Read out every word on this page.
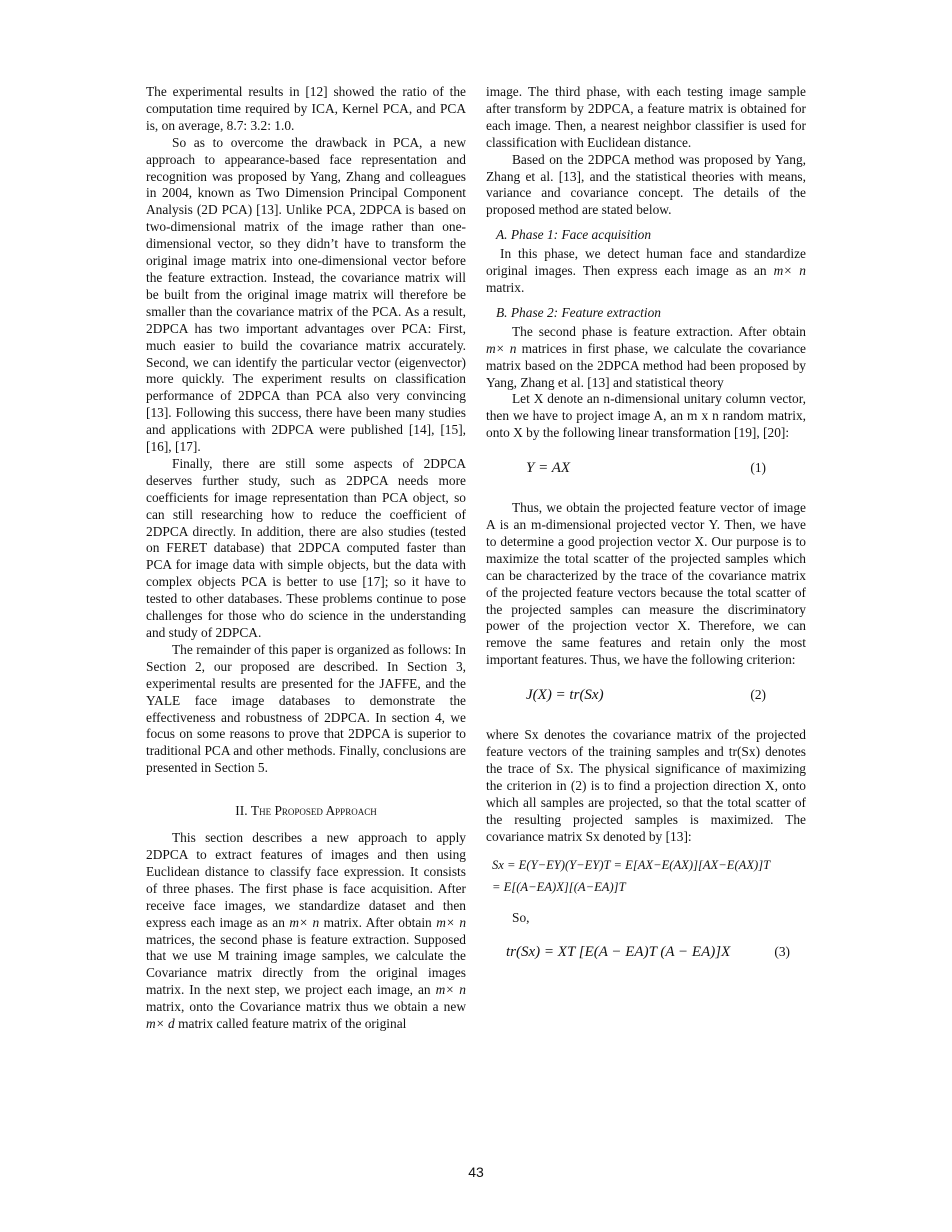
The experimental results in [12] showed the ratio of the computation time required by ICA, Kernel PCA, and PCA is, on average, 8.7: 3.2: 1.0.

So as to overcome the drawback in PCA, a new approach to appearance-based face representation and recognition was proposed by Yang, Zhang and colleagues in 2004, known as Two Dimension Principal Component Analysis (2D PCA) [13]. Unlike PCA, 2DPCA is based on two-dimensional matrix of the image rather than one-dimensional vector, so they didn’t have to transform the original image matrix into one-dimensional vector before the feature extraction. Instead, the covariance matrix will be built from the original image matrix will therefore be smaller than the covariance matrix of the PCA. As a result, 2DPCA has two important advantages over PCA: First, much easier to build the covariance matrix accurately. Second, we can identify the particular vector (eigenvector) more quickly. The experiment results on classification performance of 2DPCA than PCA also very convincing [13]. Following this success, there have been many studies and applications with 2DPCA were published [14], [15], [16], [17].

Finally, there are still some aspects of 2DPCA deserves further study, such as 2DPCA needs more coefficients for image representation than PCA object, so can still researching how to reduce the coefficient of 2DPCA directly. In addition, there are also studies (tested on FERET database) that 2DPCA computed faster than PCA for image data with simple objects, but the data with complex objects PCA is better to use [17]; so it have to tested to other databases. These problems continue to pose challenges for those who do science in the understanding and study of 2DPCA.

The remainder of this paper is organized as follows: In Section 2, our proposed are described. In Section 3, experimental results are presented for the JAFFE, and the YALE face image databases to demonstrate the effectiveness and robustness of 2DPCA. In section 4, we focus on some reasons to prove that 2DPCA is superior to traditional PCA and other methods. Finally, conclusions are presented in Section 5.

II. The Proposed Approach

This section describes a new approach to apply 2DPCA to extract features of images and then using Euclidean distance to classify face expression. It consists of three phases. The first phase is face acquisition. After receive face images, we standardize dataset and then express each image as an m× n matrix. After obtain m× n matrices, the second phase is feature extraction. Supposed that we use M training image samples, we calculate the Covariance matrix directly from the original images matrix. In the next step, we project each image, an m× n matrix, onto the Covariance matrix thus we obtain a new m× d matrix called feature matrix of the original

image. The third phase, with each testing image sample after transform by 2DPCA, a feature matrix is obtained for each image. Then, a nearest neighbor classifier is used for classification with Euclidean distance.

Based on the 2DPCA method was proposed by Yang, Zhang et al. [13], and the statistical theories with means, variance and covariance concept. The details of the proposed method are stated below.

A. Phase 1: Face acquisition

In this phase, we detect human face and standardize original images. Then express each image as an m× n matrix.

B. Phase 2: Feature extraction

The second phase is feature extraction. After obtain m× n matrices in first phase, we calculate the covariance matrix based on the 2DPCA method had been proposed by Yang, Zhang et al. [13] and statistical theory

Let X denote an n-dimensional unitary column vector, then we have to project image A, an m x n random matrix, onto X by the following linear transformation [19], [20]:

Y = AX	(1)

Thus, we obtain the projected feature vector of image A is an m-dimensional projected vector Y. Then, we have to determine a good projection vector X. Our purpose is to maximize the total scatter of the projected samples which can be characterized by the trace of the covariance matrix of the projected feature vectors because the total scatter of the projected samples can measure the discriminatory power of the projection vector X. Therefore, we can remove the same features and retain only the most important features. Thus, we have the following criterion:

J(X) = tr(Sx)	(2)

where Sx denotes the covariance matrix of the projected feature vectors of the training samples and tr(Sx) denotes the trace of Sx. The physical significance of maximizing the criterion in (2) is to find a projection direction X, onto which all samples are projected, so that the total scatter of the resulting projected samples is maximized. The covariance matrix Sx denoted by [13]:

Sx = E(Y−EY)(Y−EY)T = E[AX−E(AX)][AX−E(AX)]T
= E[(A−EA)X][(A−EA)]T

So,

tr(Sx) = XT [E(A − EA)T (A − EA)]X	(3)
43
